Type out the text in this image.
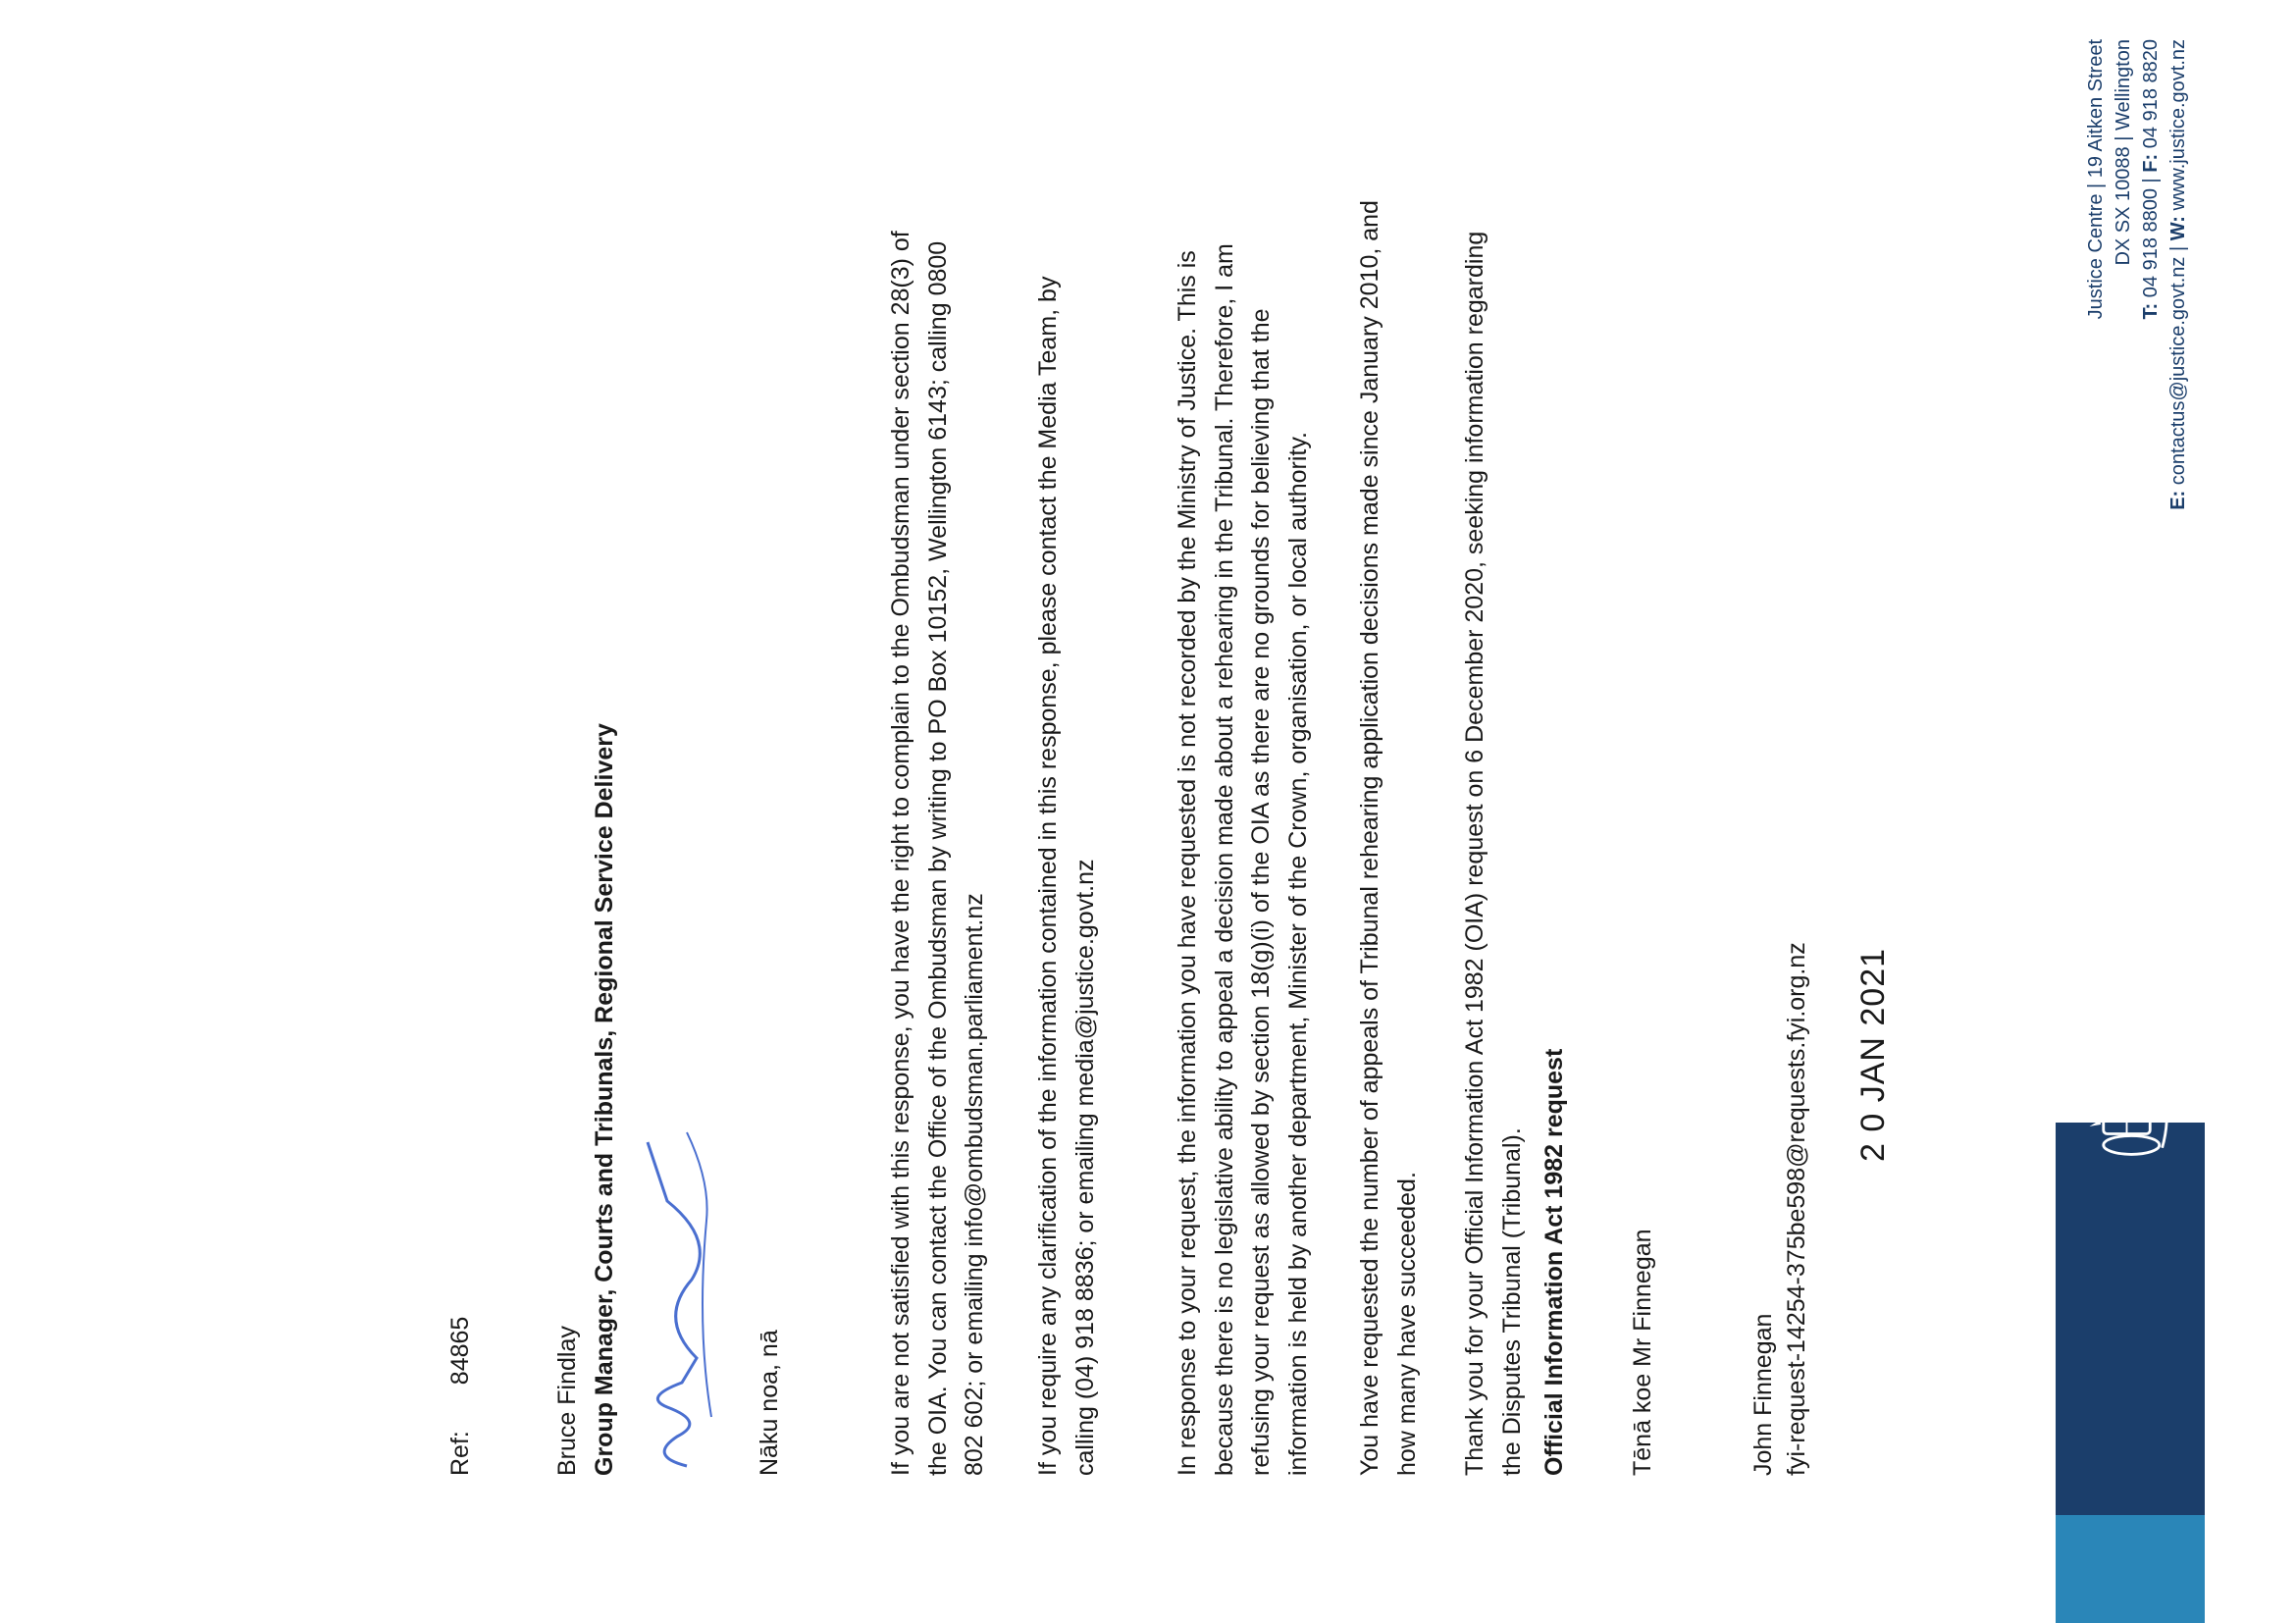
MINISTRY OF
JUSTICE
Tāhū o te Ture
Justice Centre | 19 Aitken Street DX SX 10088 | Wellington
T: 04 918 8800 | F: 04 918 8820
E: contactus@justice.govt.nz | W: www.justice.govt.nz
2 0 JAN 2021
John Finnegan fyi-request-14254-375be598@requests.fyi.org.nz
Tēnā koe Mr Finnegan
Official Information Act 1982 request

Thank you for your Official Information Act 1982 (OIA) request on 6 December 2020, seeking information regarding the Disputes Tribunal (Tribunal).

You have requested the number of appeals of Tribunal rehearing application decisions made since January 2010, and how many have succeeded.

In response to your request, the information you have requested is not recorded by the Ministry of Justice. This is because there is no legislative ability to appeal a decision made about a rehearing in the Tribunal. Therefore, I am refusing your request as allowed by section 18(g)(i) of the OIA as there are no grounds for believing that the information is held by another department, Minister of the Crown, organisation, or local authority.

If you require any clarification of the information contained in this response, please contact the Media Team, by calling (04) 918 8836; or emailing media@justice.govt.nz

If you are not satisfied with this response, you have the right to complain to the Ombudsman under section 28(3) of the OIA. You can contact the Office of the Ombudsman by writing to PO Box 10152, Wellington 6143; calling 0800 802 602; or emailing info@ombudsman.parliament.nz

Nāku noa, nā
Bruce Findlay Group Manager, Courts and Tribunals, Regional Service Delivery
Ref: 84865
